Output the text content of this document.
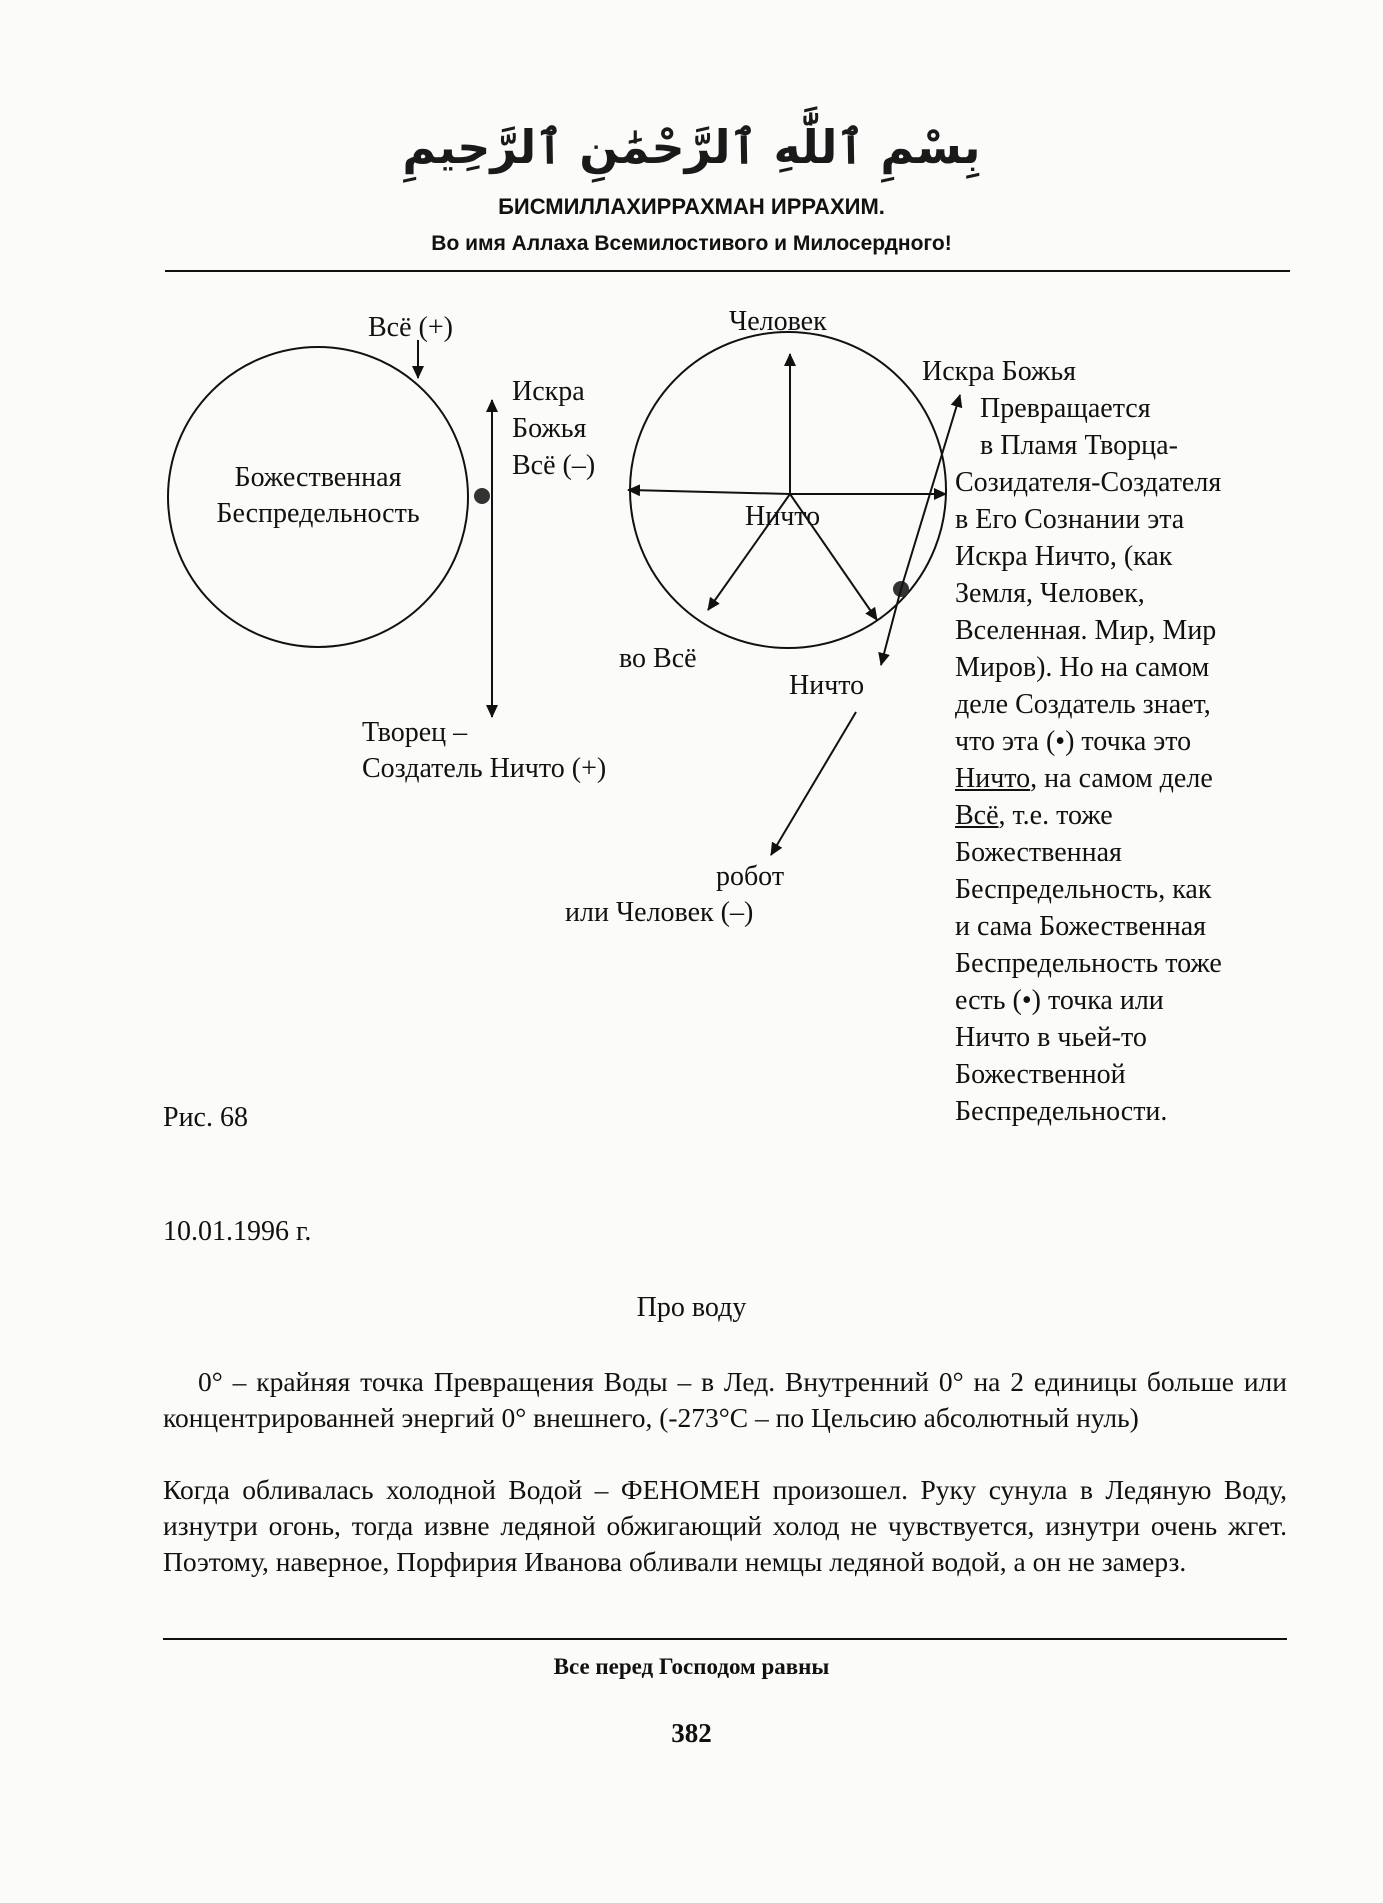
بِسْمِ ٱللَّٰهِ ٱلرَّحْمَٰنِ ٱلرَّحِيمِ
БИСМИЛЛАХИРРАХМАН ИРРАХИМ.
Во имя Аллаха Всемилостивого и Милосердного!
Божественная
Беспредельность
Всё (+)
Искра
Божья
Всё (–)
Творец –
Создатель Ничто (+)
Человек
Ничто
во Всё
Ничто
Искра Божья
робот
или Человек (–)
Превращается
в Пламя Творца-
Созидателя-Создателя
в Его Сознании эта
Искра Ничто, (как
Земля, Человек,
Вселенная. Мир, Мир
Миров). Но на самом
деле Создатель знает,
что эта (•) точка это
Ничто, на самом деле
Всё, т.е. тоже
Божественная
Беспредельность, как
и сама Божественная
Беспредельность тоже
есть (•) точка или
Ничто в чьей-то
Божественной
Беспредельности.
Рис. 68
10.01.1996 г.
Про воду
0° – крайняя точка Превращения Воды – в Лед. Внутренний 0° на 2 единицы больше или концентрированней энергий 0° внешнего, (-273°С – по Цельсию абсолютный нуль)
Когда обливалась холодной Водой – ФЕНОМЕН произошел. Руку сунула в Ледяную Воду, изнутри огонь, тогда извне ледяной обжигающий холод не чувствуется, изнутри очень жгет. Поэтому, наверное, Порфирия Иванова обливали немцы ледяной водой, а он не замерз.
Все перед Господом равны
382
